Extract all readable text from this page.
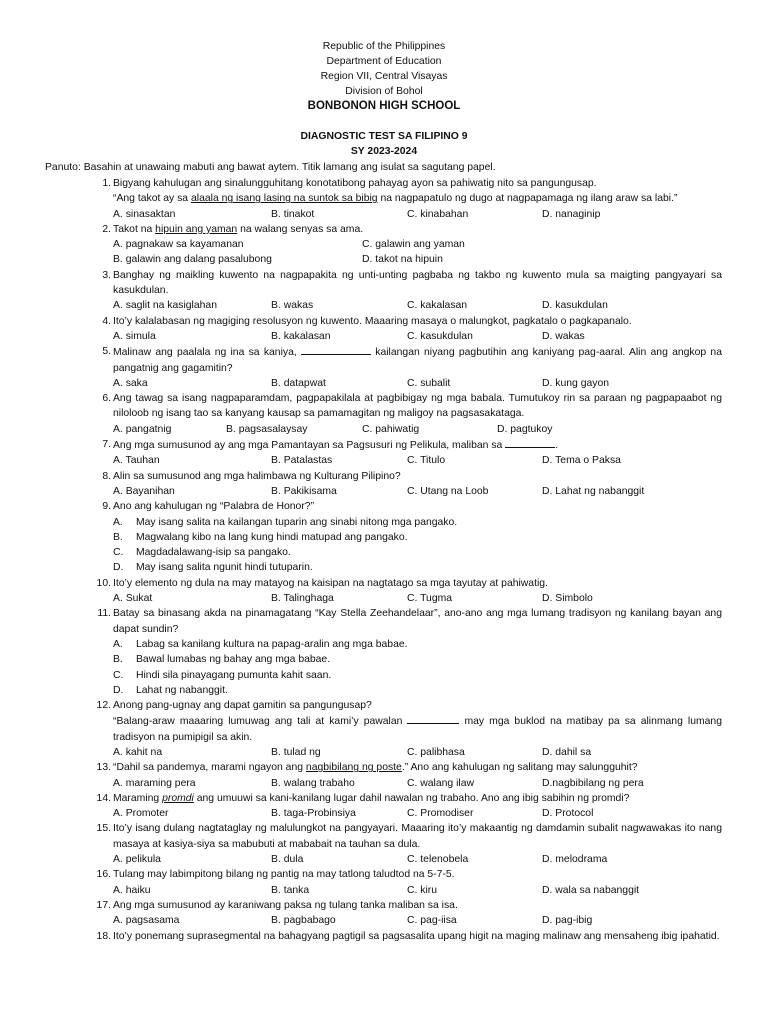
Republic of the Philippines
Department of Education
Region VII, Central Visayas
Division of Bohol
BONBONON HIGH SCHOOL
DIAGNOSTIC TEST SA FILIPINO 9
SY 2023-2024
Panuto: Basahin at unawaing mabuti ang bawat aytem. Titik lamang ang isulat sa sagutang papel.
1. Bigyang kahulugan ang sinalungguhitang konotatibong pahayag ayon sa pahiwatig nito sa pangungusap.
“Ang takot ay sa alaala ng isang lasing na suntok sa bibig na nagpapatulo ng dugo at nagpapamaga ng ilang araw sa labi.”
A. sinasaktan	B. tinakot	C. kinabahan	D. nanaginip
2. Takot na hipuin ang yaman na walang senyas sa ama.
A. pagnakaw sa kayamanan	C. galawin ang yaman
B. galawin ang dalang pasalubong	D. takot na hipuin
3. Banghay ng maikling kuwento na nagpapakita ng unti-unting pagbaba ng takbo ng kuwento mula sa maigting pangyayari sa kasukdulan.
A. saglit na kasiglahan	B. wakas	C. kakalasan	D. kasukdulan
4. Ito’y kalalabasan ng magiging resolusyon ng kuwento. Maaaring masaya o malungkot, pagkatalo o pagkapanalo.
A. simula	B. kakalasan	C. kasukdulan	D. wakas
5. Malinaw ang paalala ng ina sa kaniya,	kailangan niyang pagbutihin ang kaniyang pag-aaral. Alin ang angkop na pangatnig ang gagamitin?
A. saka	B. datapwat	C. subalit	D. kung gayon
6. Ang tawag sa isang nagpaparamdam, pagpapakilala at pagbibigay ng mga babala. Tumutukoy rin sa paraan ng pagpapaabot ng niloloob ng isang tao sa kanyang kausap sa pamamagitan ng maligoy na pagsasakataga.
A. pangatnig	B. pagsasalaysay	C. pahiwatig	D. pagtukoy
7. Ang mga sumusunod ay ang mga Pamantayan sa Pagsusuri ng Pelikula, maliban sa	.
A. Tauhan	B. Patalastas	C. Titulo	D. Tema o Paksa
8. Alin sa sumusunod ang mga halimbawa ng Kulturang Pilipino?
A. Bayanihan	B. Pakikisama	C. Utang na Loob	D. Lahat ng nabanggit
9. Ano ang kahulugan ng “Palabra de Honor?”
A. May isang salita na kailangan tuparin ang sinabi nitong mga pangako.
B. Magwalang kibo na lang kung hindi matupad ang pangako.
C. Magdadalawang-isip sa pangako.
D. May isang salita ngunit hindi tutuparin.
10. Ito’y elemento ng dula na may matayog na kaisipan na nagtatago sa mga tayutay at pahiwatig.
A. Sukat	B. Talinghaga	C. Tugma	D. Simbolo
11. Batay sa binasang akda na pinamagatang “Kay Stella Zeehandelaar”, ano-ano ang mga lumang tradisyon ng kanilang bayan ang dapat sundin?
A. Labag sa kanilang kultura na papag-aralin ang mga babae.
B. Bawal lumabas ng bahay ang mga babae.
C. Hindi sila pinayagang pumunta kahit saan.
D. Lahat ng nabanggit.
12. Anong pang-ugnay ang dapat gamitin sa pangungusap?
“Balang-araw maaaring lumuwag ang tali at kami’y pawalan	may mga buklod na matibay pa sa alinmang lumang tradisyon na pumipigil sa akin.
A. kahit na	B. tulad ng	C. palibhasa	D. dahil sa
13. “Dahil sa pandemya, marami ngayon ang nagbibilang ng poste.” Ano ang kahulugan ng salitang may salungguhit?
A. maraming pera	B. walang trabaho	C. walang ilaw	D.nagbibilang ng pera
14. Maraming promdi ang umuuwi sa kani-kanilang lugar dahil nawalan ng trabaho. Ano ang ibig sabihin ng promdi?
A. Promoter	B. taga-Probinsiya	C. Promodiser	D. Protocol
15. Ito’y isang dulang nagtataglay ng malulungkot na pangyayari. Maaaring ito’y makaantig ng damdamin subalit nagwawakas ito nang masaya at kasiya-siya sa mabubuti at mababait na tauhan sa dula.
A. pelikula	B. dula	C. telenobela	D. melodrama
16. Tulang may labimpitong bilang ng pantig na may tatlong taludtod na 5-7-5.
A. haiku	B. tanka	C. kiru	D. wala sa nabanggit
17. Ang mga sumusunod ay karaniwang paksa ng tulang tanka maliban sa isa.
A. pagsasama	B. pagbabago	C. pag-iisa	D. pag-ibig
18. Ito’y ponemang suprasegmental na bahagyang pagtigil sa pagsasalita upang higit na maging malinaw ang mensaheng ibig ipahatid.
